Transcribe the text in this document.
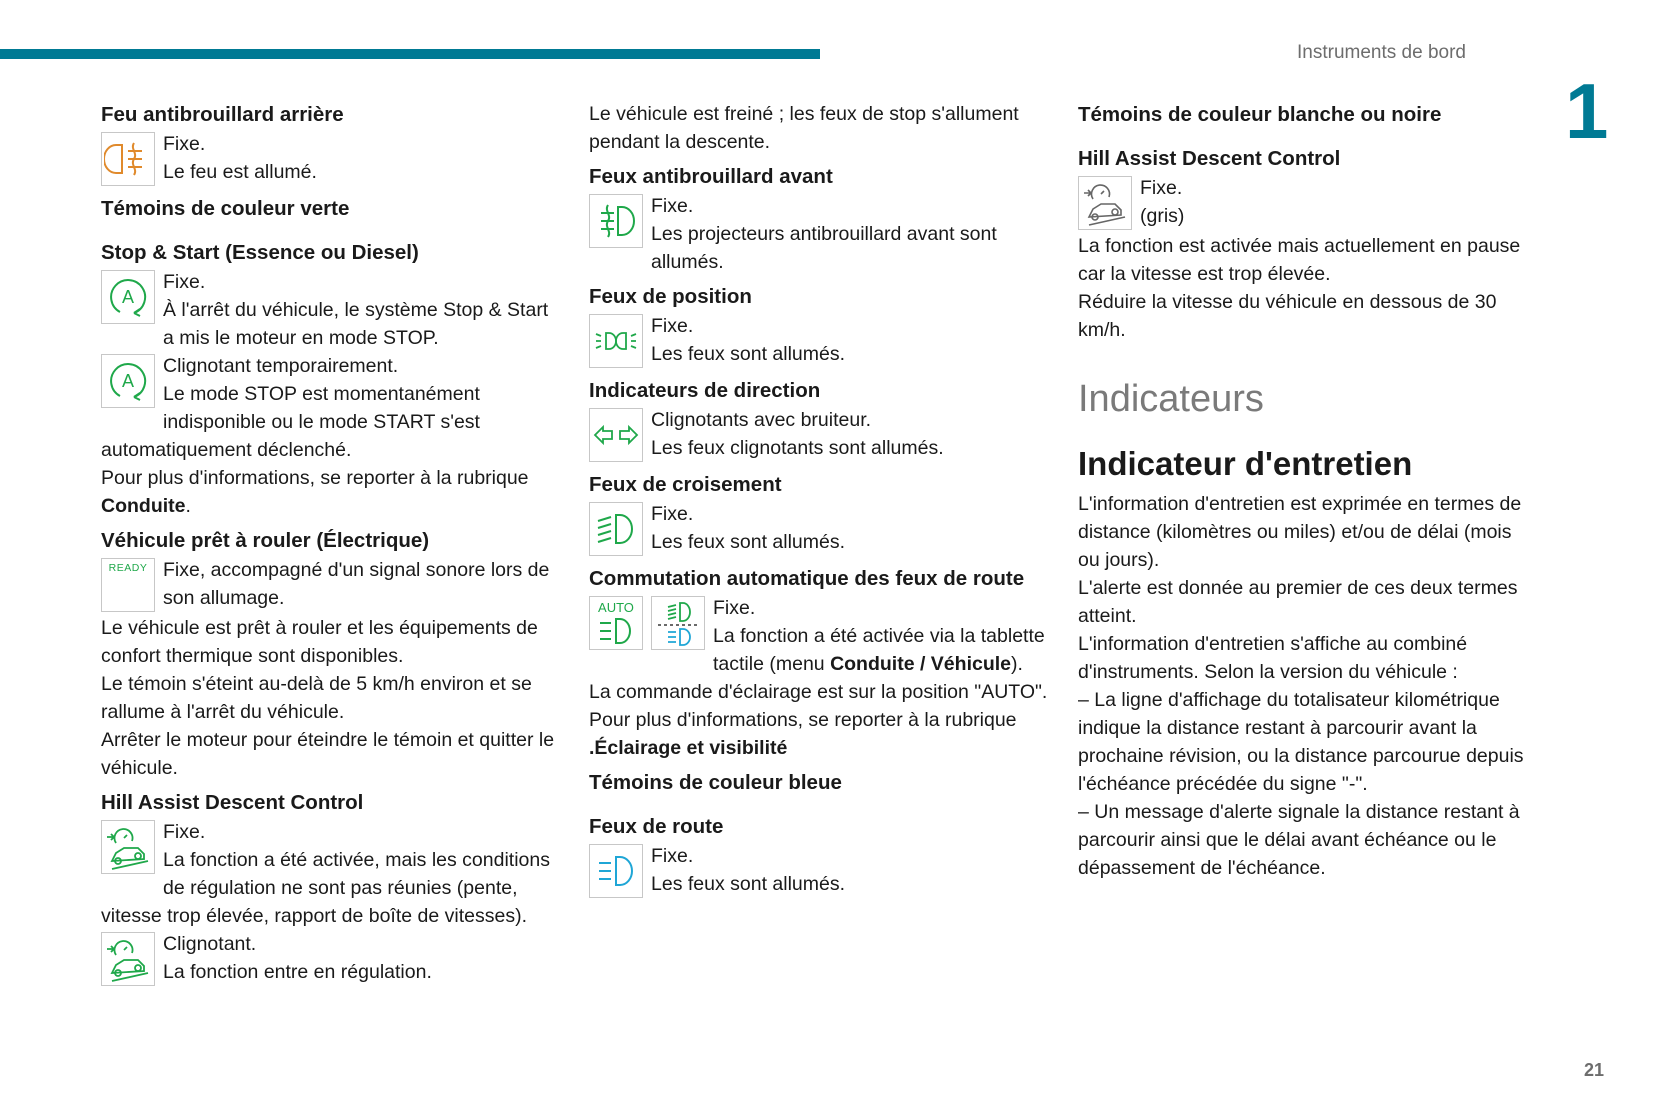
Instruments de bord
1
21
Feu antibrouillard arrière

Fixe.

Le feu est allumé.

Témoins de couleur verte
Stop & Start (Essence ou Diesel)
A

Fixe.

À l'arrêt du véhicule, le système Stop & Start a mis le moteur en mode STOP.

A

Clignotant temporairement.

Le mode STOP est momentanément indisponible ou le mode START s'est automatiquement déclenché.

Pour plus d'informations, se reporter à la rubrique Conduite.

Véhicule prêt à rouler (Électrique)
READY Fixe, accompagné d'un signal sonore lors de son allumage.

Le véhicule est prêt à rouler et les équipements de confort thermique sont disponibles.

Le témoin s'éteint au-delà de 5 km/h environ et se rallume à l'arrêt du véhicule.

Arrêter le moteur pour éteindre le témoin et quitter le véhicule.

Hill Assist Descent Control

Fixe.

La fonction a été activée, mais les conditions de régulation ne sont pas réunies (pente, vitesse trop élevée, rapport de boîte de vitesses).

Clignotant.

La fonction entre en régulation.

Le véhicule est freiné ; les feux de stop s'allument pendant la descente.

Feux antibrouillard avant

Fixe.

Les projecteurs antibrouillard avant sont allumés.

Feux de position

Fixe.

Les feux sont allumés.

Indicateurs de direction

Clignotants avec bruiteur.

Les feux clignotants sont allumés.

Feux de croisement

Fixe.

Les feux sont allumés.

Commutation automatique des feux de route
AUTO	Fixe.

La fonction a été activée via la tablette tactile (menu Conduite / Véhicule).

La commande d'éclairage est sur la position "AUTO".

Pour plus d'informations, se reporter à la rubrique .Éclairage et visibilité

Témoins de couleur bleue
Feux de route

Fixe.

Les feux sont allumés.

Témoins de couleur blanche ou noire
Hill Assist Descent Control

Fixe.

(gris)

La fonction est activée mais actuellement en pause car la vitesse est trop élevée.

Réduire la vitesse du véhicule en dessous de 30 km/h.

Indicateurs
Indicateur d'entretien

L'information d'entretien est exprimée en termes de distance (kilomètres ou miles) et/ou de délai (mois ou jours).

L'alerte est donnée au premier de ces deux termes atteint.

L'information d'entretien s'affiche au combiné d'instruments. Selon la version du véhicule :

– La ligne d'affichage du totalisateur kilométrique indique la distance restant à parcourir avant la prochaine révision, ou la distance parcourue depuis l'échéance précédée du signe "-".

– Un message d'alerte signale la distance restant à parcourir ainsi que le délai avant échéance ou le dépassement de l'échéance.
